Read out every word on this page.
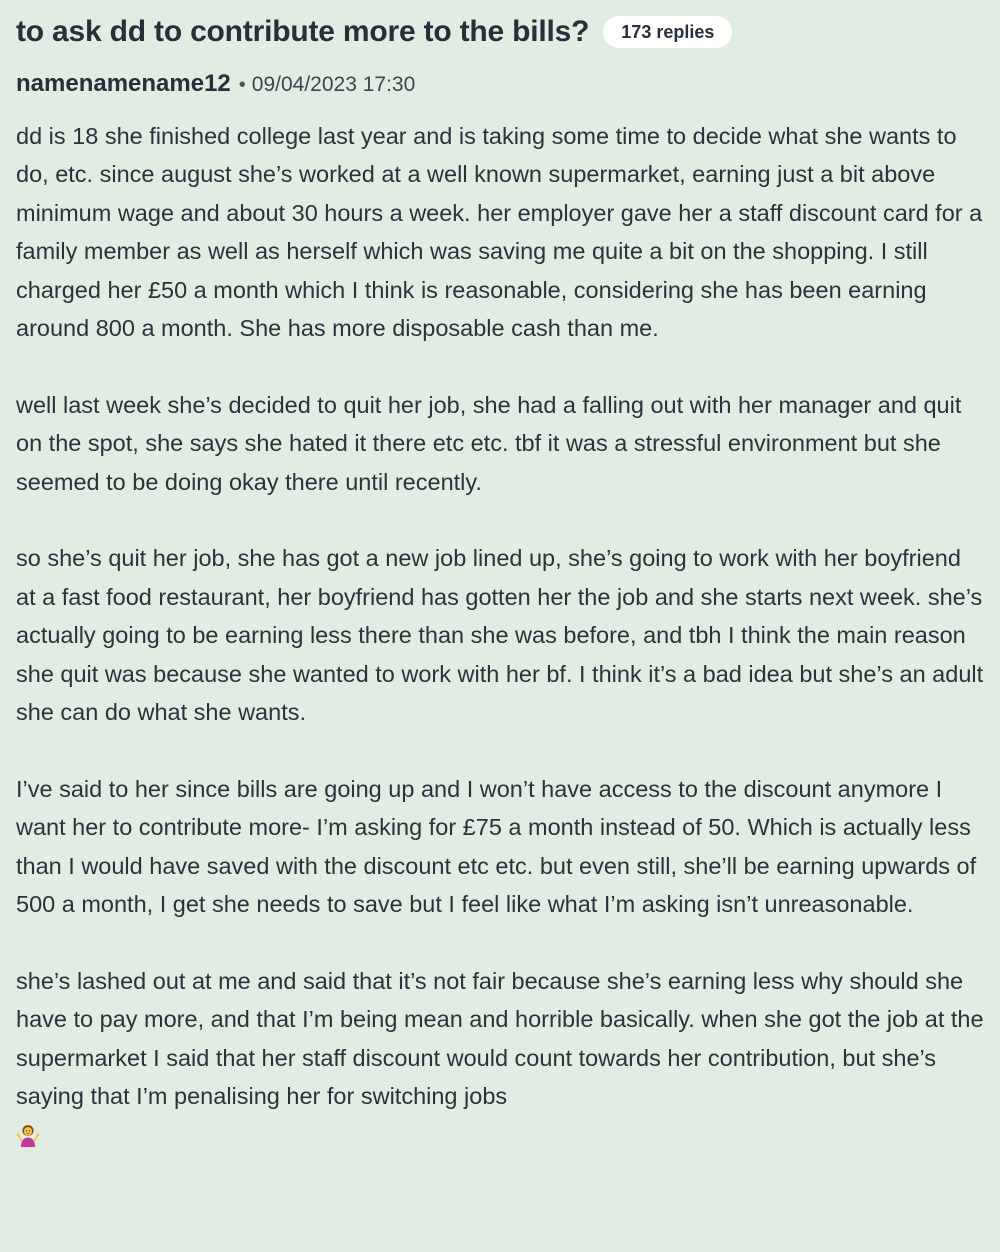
to ask dd to contribute more to the bills?	173 replies
namenamename12 • 09/04/2023 17:30

dd is 18 she finished college last year and is taking some time to decide what she wants to do, etc. since august she’s worked at a well known supermarket, earning just a bit above minimum wage and about 30 hours a week. her employer gave her a staff discount card for a family member as well as herself which was saving me quite a bit on the shopping. I still charged her £50 a month which I think is reasonable, considering she has been earning around 800 a month. She has more disposable cash than me.

well last week she’s decided to quit her job, she had a falling out with her manager and quit on the spot, she says she hated it there etc etc. tbf it was a stressful environment but she seemed to be doing okay there until recently.

so she’s quit her job, she has got a new job lined up, she’s going to work with her boyfriend at a fast food restaurant, her boyfriend has gotten her the job and she starts next week. she’s actually going to be earning less there than she was before, and tbh I think the main reason she quit was because she wanted to work with her bf. I think it’s a bad idea but she’s an adult she can do what she wants.

I’ve said to her since bills are going up and I won’t have access to the discount anymore I want her to contribute more- I’m asking for £75 a month instead of 50. Which is actually less than I would have saved with the discount etc etc. but even still, she’ll be earning upwards of 500 a month, I get she needs to save but I feel like what I’m asking isn’t unreasonable.

she’s lashed out at me and said that it’s not fair because she’s earning less why should she have to pay more, and that I’m being mean and horrible basically. when she got the job at the supermarket I said that her staff discount would count towards her contribution, but she’s saying that I’m penalising her for switching jobs
